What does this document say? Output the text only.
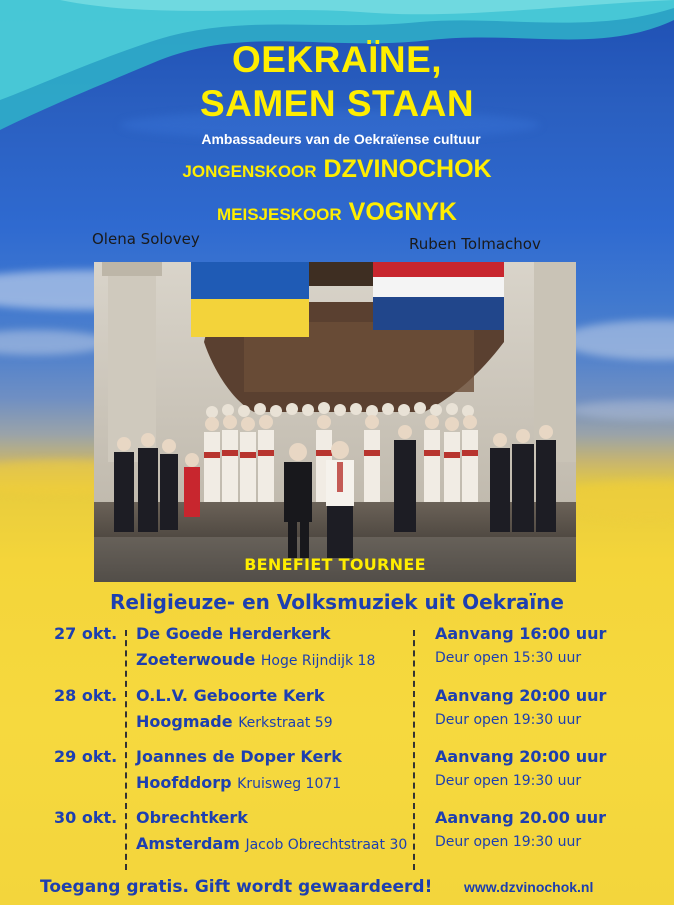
OEKRAÏNE,
SAMEN STAAN
Ambassadeurs van de Oekraïense cultuur
JONGENSKOOR DZVINOCHOK
MEISJESKOOR VOGNYK
Olena Solovey	Ruben Tolmachov
BENEFIET TOURNEE
Religieuze- en Volksmuziek uit Oekraïne
27 okt. De Goede Herderkerk
Zoeterwoude Hoge Rijndijk 18
Aanvang 16:00 uur
Deur open 15:30 uur
28 okt. O.L.V. Geboorte Kerk
Hoogmade Kerkstraat 59
Aanvang 20:00 uur
Deur open 19:30 uur
29 okt. Joannes de Doper Kerk
Hoofddorp Kruisweg 1071
Aanvang 20:00 uur
Deur open 19:30 uur
30 okt. Obrechtkerk
Amsterdam Jacob Obrechtstraat 30
Aanvang 20.00 uur
Deur open 19:30 uur
Toegang gratis. Gift wordt gewaardeerd! www.dzvinochok.nl
